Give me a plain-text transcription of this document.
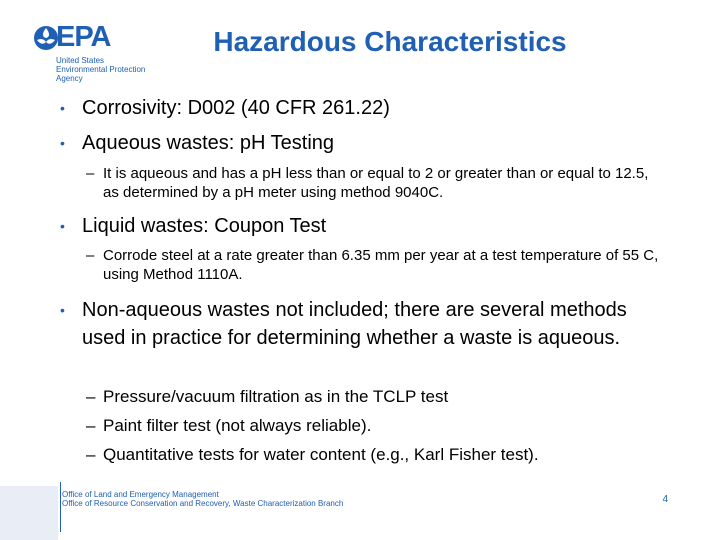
EPA
United States
Environmental Protection
Agency
Hazardous Characteristics
• Corrosivity: D002 (40 CFR 261.22)
• Aqueous wastes: pH Testing
– It is aqueous and has a pH less than or equal to 2 or greater than or equal to 12.5, as determined by a pH meter using method 9040C.
• Liquid wastes: Coupon Test
– Corrode steel at a rate greater than 6.35 mm per year at a test temperature of 55 C, using Method 1110A.
• Non-aqueous wastes not included; there are several methods used in practice for determining whether a waste is aqueous.
– Pressure/vacuum filtration as in the TCLP test
– Paint filter test (not always reliable).
– Quantitative tests for water content (e.g., Karl Fisher test).
Office of Land and Emergency Management
Office of Resource Conservation and Recovery, Waste Characterization Branch	4
